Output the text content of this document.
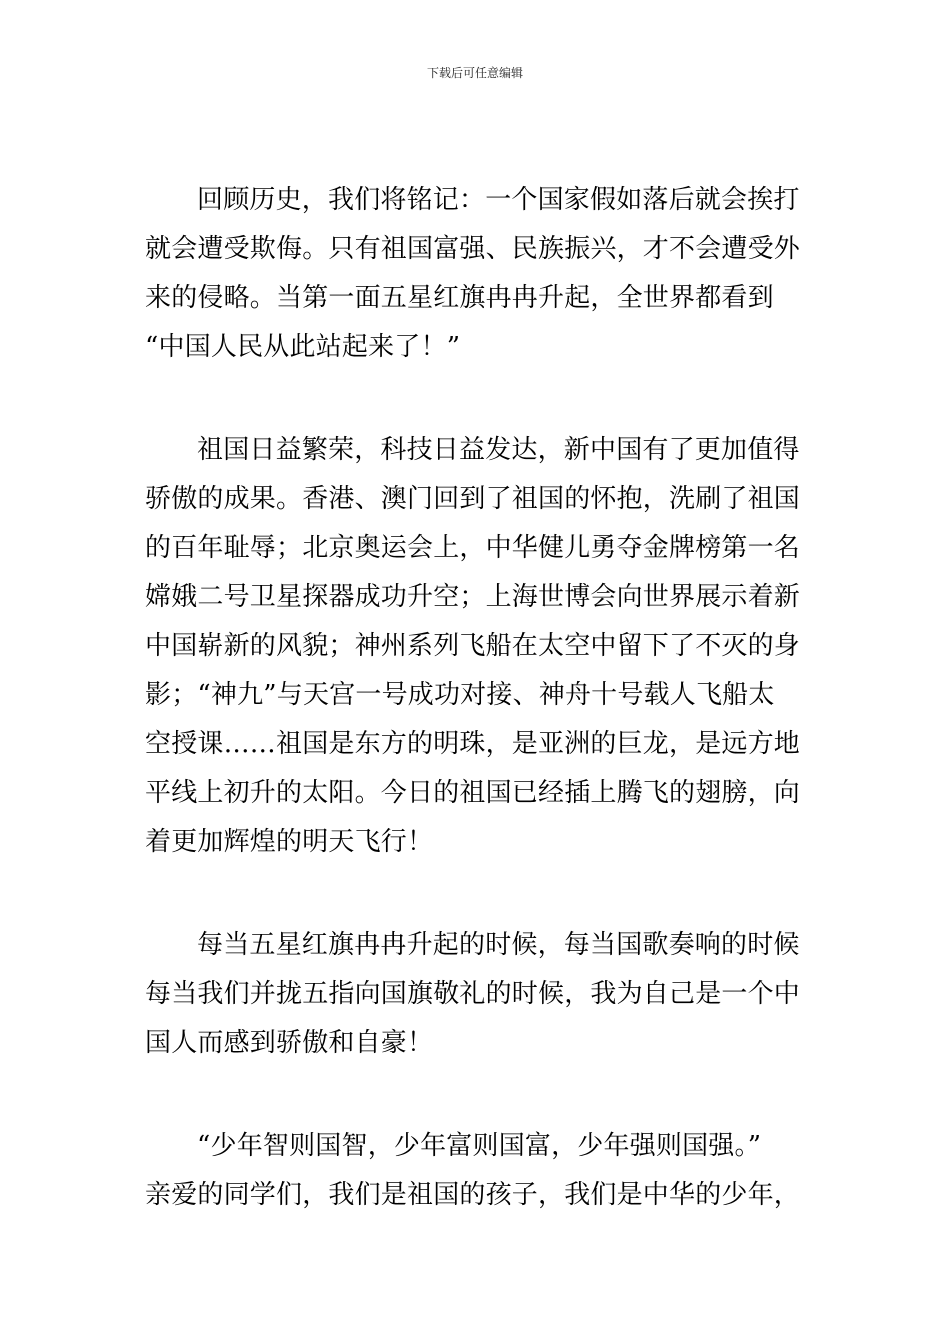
下载后可任意编辑

回顾历史，我们将铭记：一个国家假如落后就会挨打
就会遭受欺侮。只有祖国富强、民族振兴，才不会遭受外
来的侵略。当第一面五星红旗冉冉升起，全世界都看到
“中国人民从此站起来了！”

祖国日益繁荣，科技日益发达，新中国有了更加值得
骄傲的成果。香港、澳门回到了祖国的怀抱，洗刷了祖国
的百年耻辱；北京奥运会上，中华健儿勇夺金牌榜第一名
嫦娥二号卫星探器成功升空；上海世博会向世界展示着新
中国崭新的风貌；神州系列飞船在太空中留下了不灭的身
影；“神九”与天宫一号成功对接、神舟十号载人飞船太
空授课……祖国是东方的明珠，是亚洲的巨龙，是远方地
平线上初升的太阳。今日的祖国已经插上腾飞的翅膀，向
着更加辉煌的明天飞行！

每当五星红旗冉冉升起的时候，每当国歌奏响的时候
每当我们并拢五指向国旗敬礼的时候，我为自己是一个中
国人而感到骄傲和自豪！

“少年智则国智，少年富则国富，少年强则国强。”
亲爱的同学们，我们是祖国的孩子，我们是中华的少年，
